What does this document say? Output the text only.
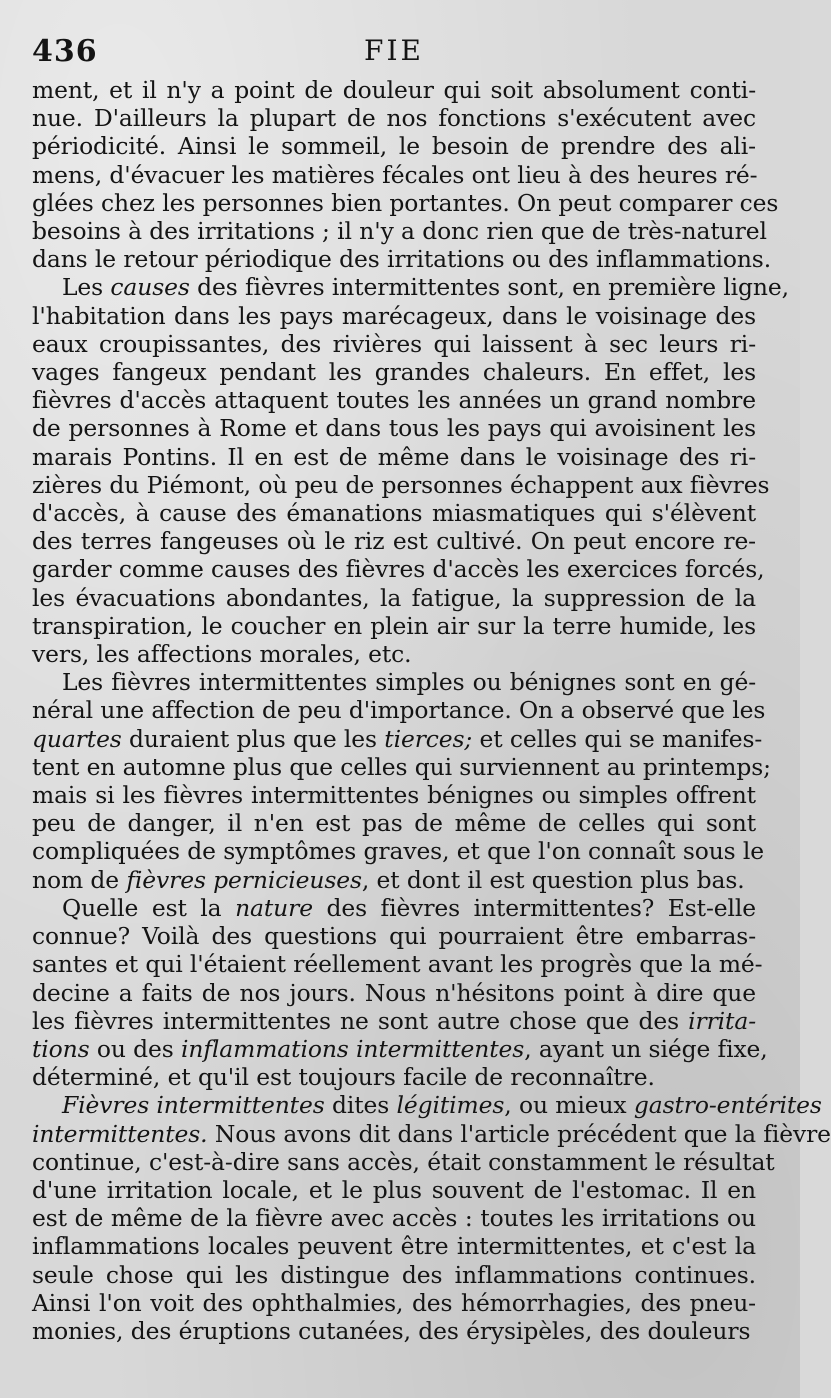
436	FIE
ment, et il n'y a point de douleur qui soit absolument conti-
nue. D'ailleurs la plupart de nos fonctions s'exécutent avec
périodicité. Ainsi le sommeil, le besoin de prendre des ali-
mens, d'évacuer les matières fécales ont lieu à des heures ré-
glées chez les personnes bien portantes. On peut comparer ces
besoins à des irritations ; il n'y a donc rien que de très-naturel
dans le retour périodique des irritations ou des inflammations.
Les causes des fièvres intermittentes sont, en première ligne,
l'habitation dans les pays marécageux, dans le voisinage des
eaux croupissantes, des rivières qui laissent à sec leurs ri-
vages fangeux pendant les grandes chaleurs. En effet, les
fièvres d'accès attaquent toutes les années un grand nombre
de personnes à Rome et dans tous les pays qui avoisinent les
marais Pontins. Il en est de même dans le voisinage des ri-
zières du Piémont, où peu de personnes échappent aux fièvres
d'accès, à cause des émanations miasmatiques qui s'élèvent
des terres fangeuses où le riz est cultivé. On peut encore re-
garder comme causes des fièvres d'accès les exercices forcés,
les évacuations abondantes, la fatigue, la suppression de la
transpiration, le coucher en plein air sur la terre humide, les
vers, les affections morales, etc.
Les fièvres intermittentes simples ou bénignes sont en gé-
néral une affection de peu d'importance. On a observé que les
quartes duraient plus que les tierces; et celles qui se manifes-
tent en automne plus que celles qui surviennent au printemps;
mais si les fièvres intermittentes bénignes ou simples offrent
peu de danger, il n'en est pas de même de celles qui sont
compliquées de symptômes graves, et que l'on connaît sous le
nom de fièvres pernicieuses, et dont il est question plus bas.
Quelle est la nature des fièvres intermittentes? Est-elle
connue? Voilà des questions qui pourraient être embarras-
santes et qui l'étaient réellement avant les progrès que la mé-
decine a faits de nos jours. Nous n'hésitons point à dire que
les fièvres intermittentes ne sont autre chose que des irrita-
tions ou des inflammations intermittentes, ayant un siége fixe,
déterminé, et qu'il est toujours facile de reconnaître.
Fièvres intermittentes dites légitimes, ou mieux gastro-entérites
intermittentes. Nous avons dit dans l'article précédent que la fièvre
continue, c'est-à-dire sans accès, était constamment le résultat
d'une irritation locale, et le plus souvent de l'estomac. Il en
est de même de la fièvre avec accès : toutes les irritations ou
inflammations locales peuvent être intermittentes, et c'est la
seule chose qui les distingue des inflammations continues.
Ainsi l'on voit des ophthalmies, des hémorrhagies, des pneu-
monies, des éruptions cutanées, des érysipèles, des douleurs
